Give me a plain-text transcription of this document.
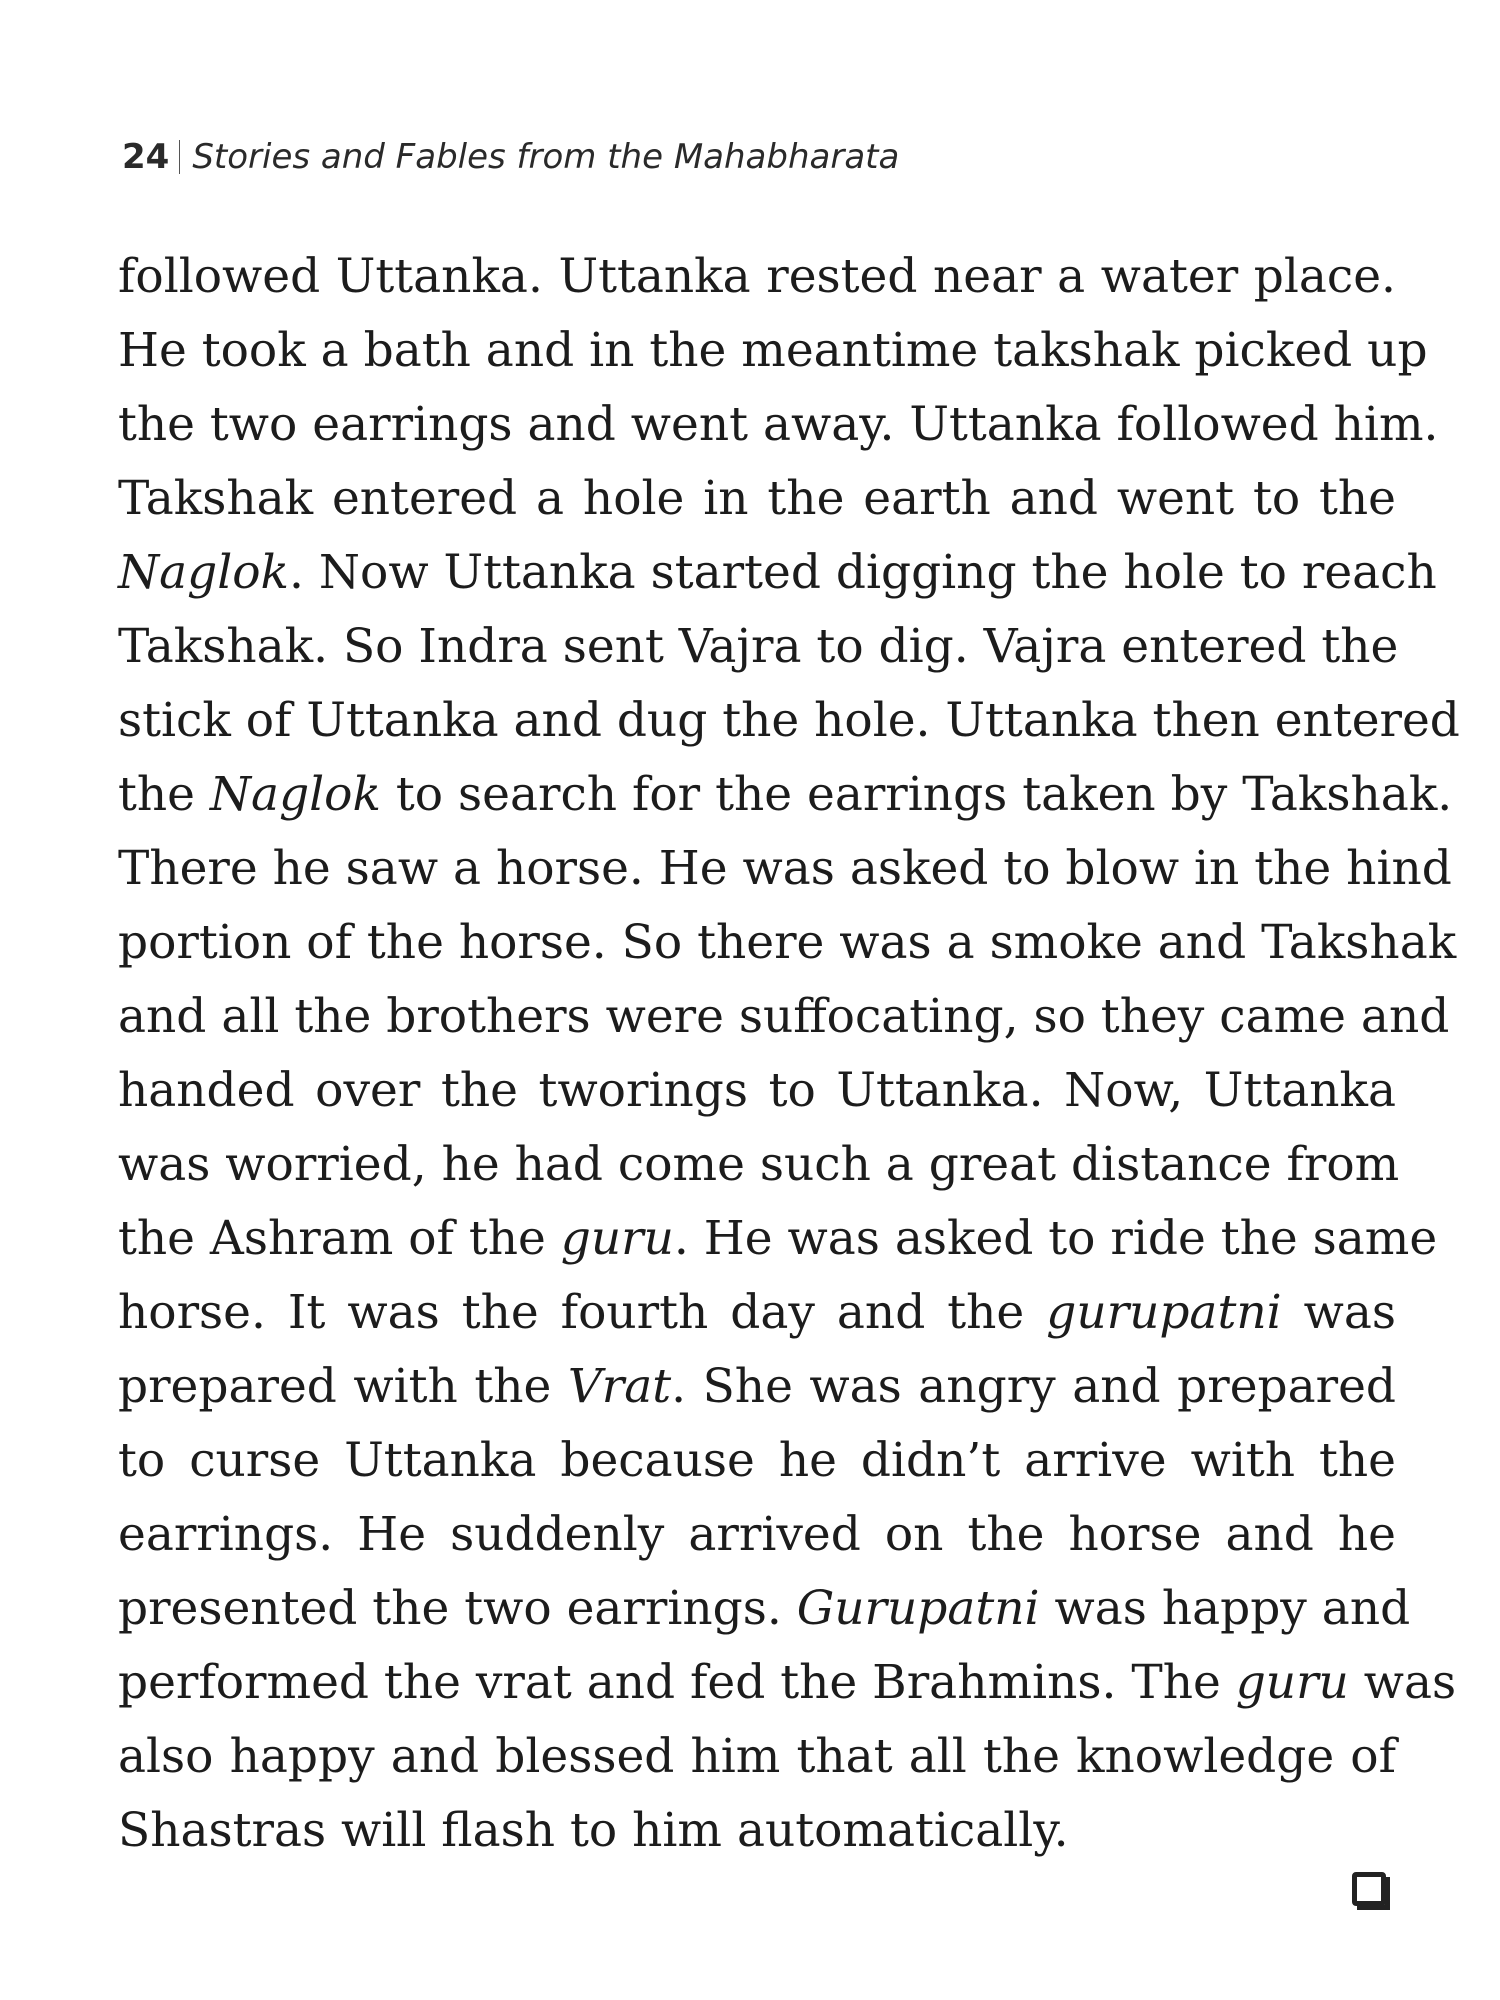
24 Stories and Fables from the Mahabharata
followed Uttanka. Uttanka rested near a water place.
He took a bath and in the meantime takshak picked up
the two earrings and went away. Uttanka followed him.
Takshak entered a hole in the earth and went to the
Naglok. Now Uttanka started digging the hole to reach
Takshak. So Indra sent Vajra to dig. Vajra entered the
stick of Uttanka and dug the hole. Uttanka then entered
the Naglok to search for the earrings taken by Takshak.
There he saw a horse. He was asked to blow in the hind
portion of the horse. So there was a smoke and Takshak
and all the brothers were suffocating, so they came and
handed over the tworings to Uttanka. Now, Uttanka
was worried, he had come such a great distance from
the Ashram of the guru. He was asked to ride the same
horse. It was the fourth day and the gurupatni was
prepared with the Vrat. She was angry and prepared
to curse Uttanka because he didn’t arrive with the
earrings. He suddenly arrived on the horse and he
presented the two earrings. Gurupatni was happy and
performed the vrat and fed the Brahmins. The guru was
also happy and blessed him that all the knowledge of
Shastras will flash to him automatically.
